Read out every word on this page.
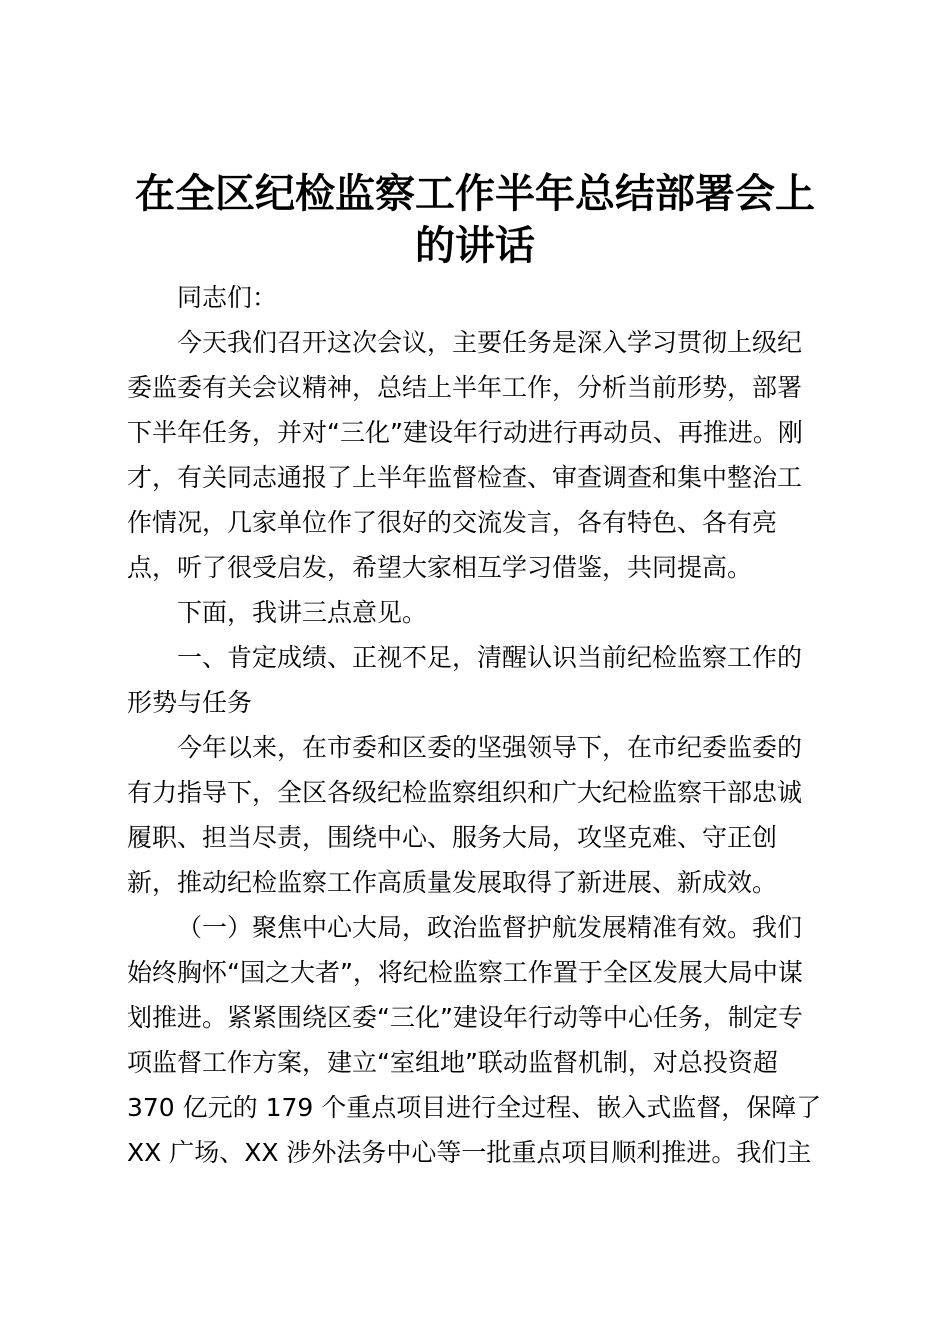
在全区纪检监察工作半年总结部署会上
的讲话
同志们：
今天我们召开这次会议，主要任务是深入学习贯彻上级纪
委监委有关会议精神，总结上半年工作，分析当前形势，部署
下半年任务，并对“三化”建设年行动进行再动员、再推进。刚
才，有关同志通报了上半年监督检查、审查调查和集中整治工
作情况，几家单位作了很好的交流发言，各有特色、各有亮
点，听了很受启发，希望大家相互学习借鉴，共同提高。
下面，我讲三点意见。
一、肯定成绩、正视不足，清醒认识当前纪检监察工作的
形势与任务
今年以来，在市委和区委的坚强领导下，在市纪委监委的
有力指导下，全区各级纪检监察组织和广大纪检监察干部忠诚
履职、担当尽责，围绕中心、服务大局，攻坚克难、守正创
新，推动纪检监察工作高质量发展取得了新进展、新成效。
（一）聚焦中心大局，政治监督护航发展精准有效。我们
始终胸怀“国之大者”，将纪检监察工作置于全区发展大局中谋
划推进。紧紧围绕区委“三化”建设年行动等中心任务，制定专
项监督工作方案，建立“室组地”联动监督机制，对总投资超
370 亿元的 179 个重点项目进行全过程、嵌入式监督，保障了
XX 广场、XX 涉外法务中心等一批重点项目顺利推进。我们主
